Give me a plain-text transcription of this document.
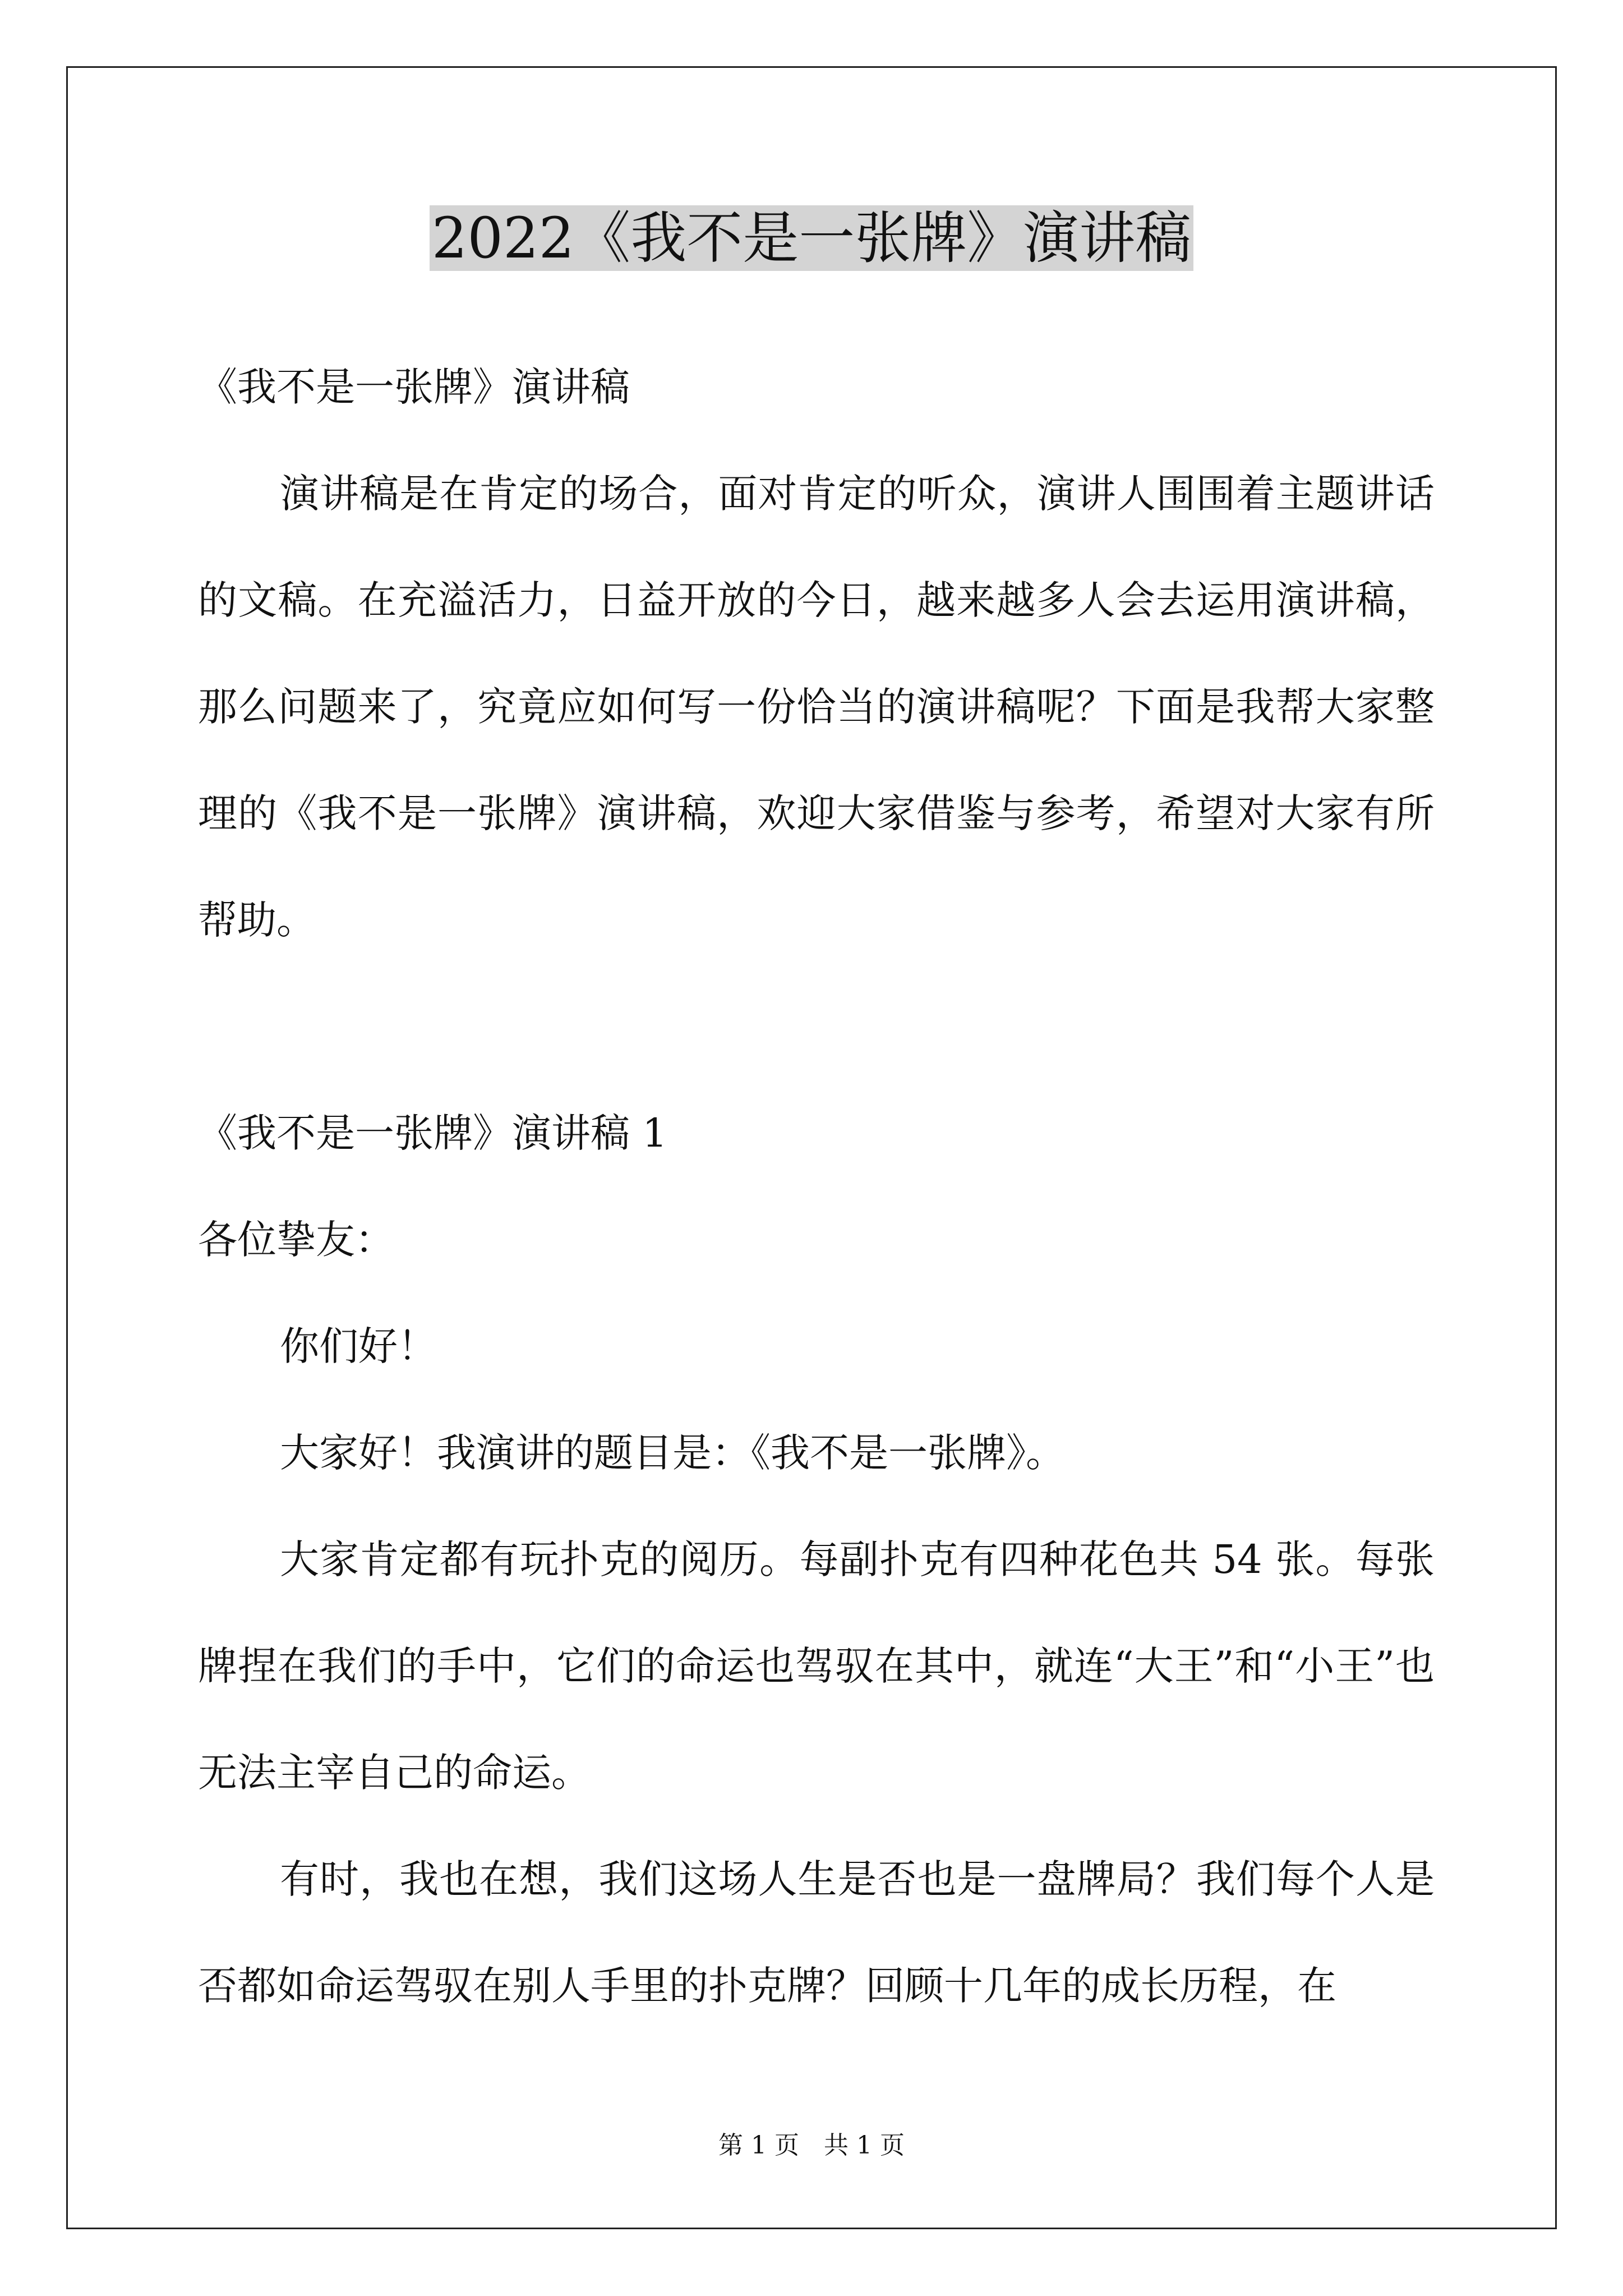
2022《我不是一张牌》演讲稿

《我不是一张牌》演讲稿

演讲稿是在肯定的场合，面对肯定的听众，演讲人围围着主题讲话的文稿。在充溢活力，日益开放的今日，越来越多人会去运用演讲稿，那么问题来了，究竟应如何写一份恰当的演讲稿呢？下面是我帮大家整理的《我不是一张牌》演讲稿，欢迎大家借鉴与参考，希望对大家有所帮助。

《我不是一张牌》演讲稿 1

各位挚友：

你们好！

大家好！我演讲的题目是：《我不是一张牌》。

大家肯定都有玩扑克的阅历。每副扑克有四种花色共 54 张。每张牌捏在我们的手中，它们的命运也驾驭在其中，就连“大王”和“小王”也无法主宰自己的命运。

有时，我也在想，我们这场人生是否也是一盘牌局？我们每个人是否都如命运驾驭在别人手里的扑克牌？回顾十几年的成长历程，在

第 1 页　共 1 页
